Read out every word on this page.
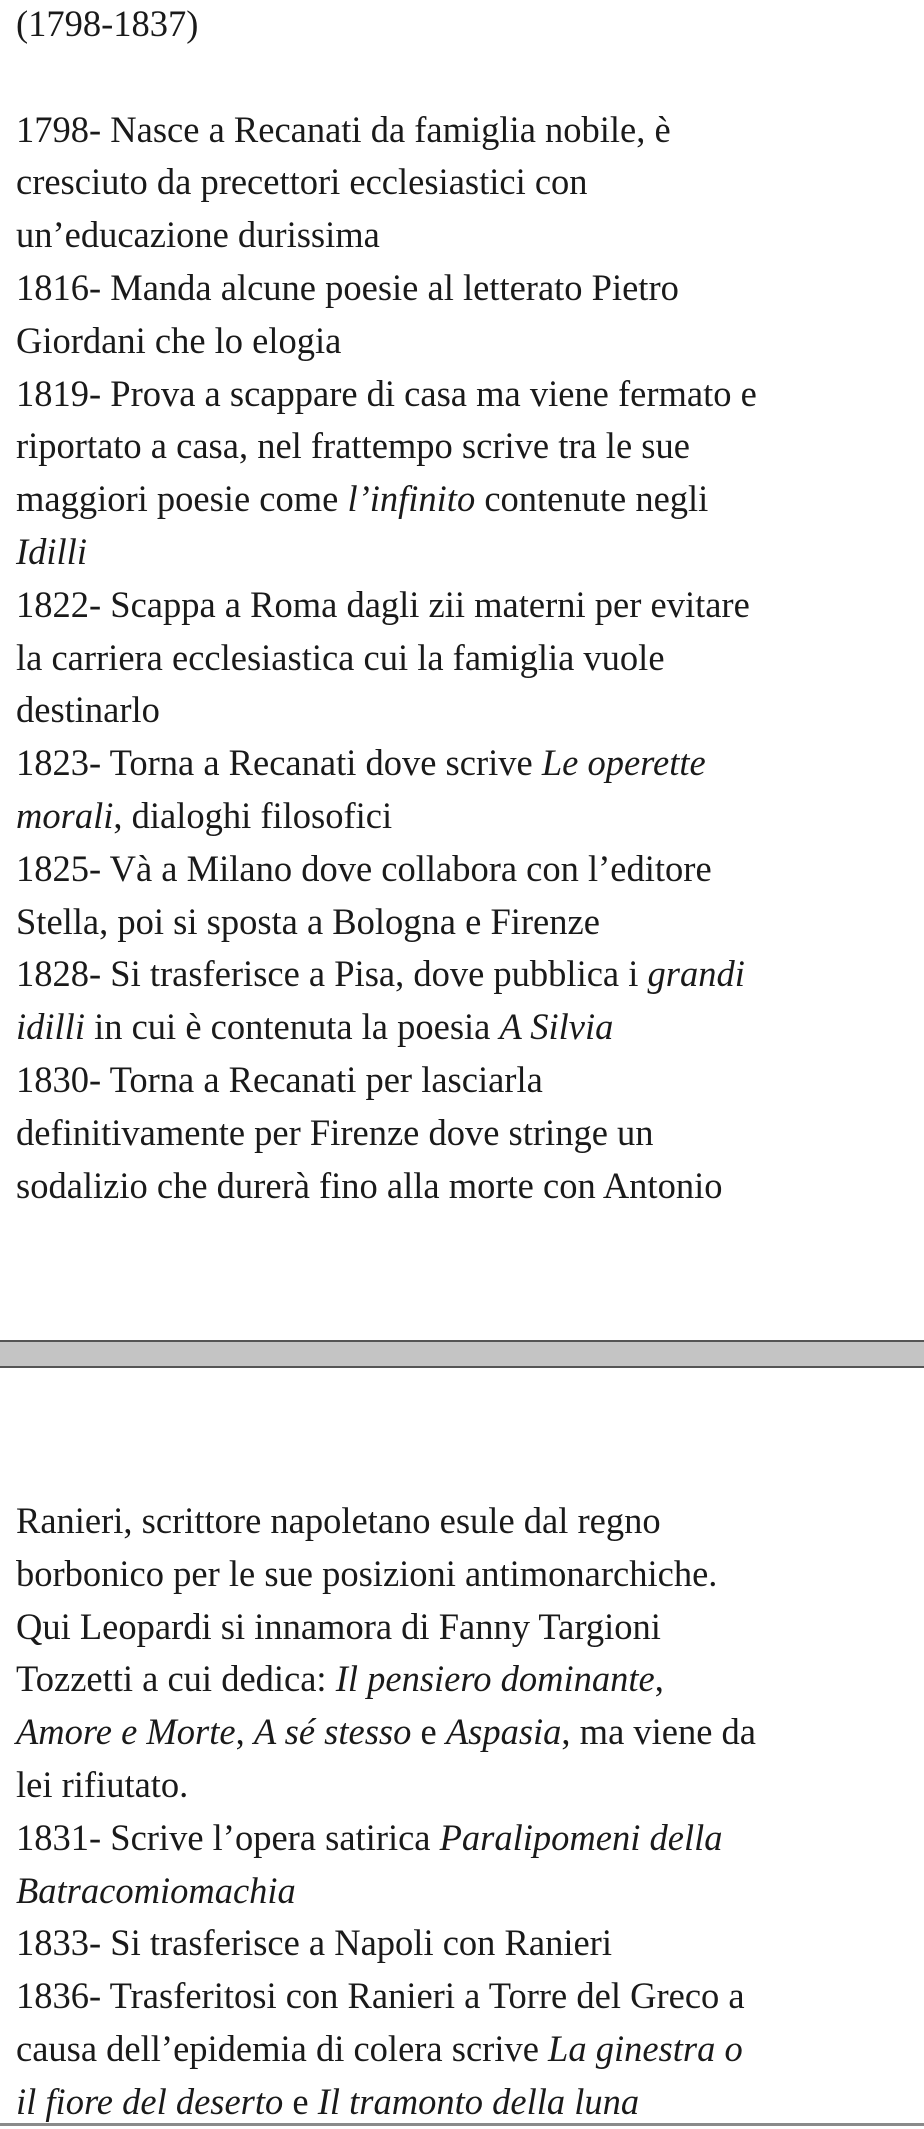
(1798-1837)
1798- Nasce a Recanati da famiglia nobile, è
cresciuto da precettori ecclesiastici con
un’educazione durissima
1816- Manda alcune poesie al letterato Pietro
Giordani che lo elogia
1819- Prova a scappare di casa ma viene fermato e
riportato a casa, nel frattempo scrive tra le sue
maggiori poesie come l’infinito contenute negli
Idilli
1822- Scappa a Roma dagli zii materni per evitare
la carriera ecclesiastica cui la famiglia vuole
destinarlo
1823- Torna a Recanati dove scrive Le operette
morali, dialoghi filosofici
1825- Và a Milano dove collabora con l’editore
Stella, poi si sposta a Bologna e Firenze
1828- Si trasferisce a Pisa, dove pubblica i grandi
idilli in cui è contenuta la poesia A Silvia
1830- Torna a Recanati per lasciarla
definitivamente per Firenze dove stringe un
sodalizio che durerà fino alla morte con Antonio
Ranieri, scrittore napoletano esule dal regno
borbonico per le sue posizioni antimonarchiche.
Qui Leopardi si innamora di Fanny Targioni
Tozzetti a cui dedica: Il pensiero dominante,
Amore e Morte, A sé stesso e Aspasia, ma viene da
lei rifiutato.
1831- Scrive l’opera satirica Paralipomeni della
Batracomiomachia
1833- Si trasferisce a Napoli con Ranieri
1836- Trasferitosi con Ranieri a Torre del Greco a
causa dell’epidemia di colera scrive La ginestra o
il fiore del deserto e Il tramonto della luna
